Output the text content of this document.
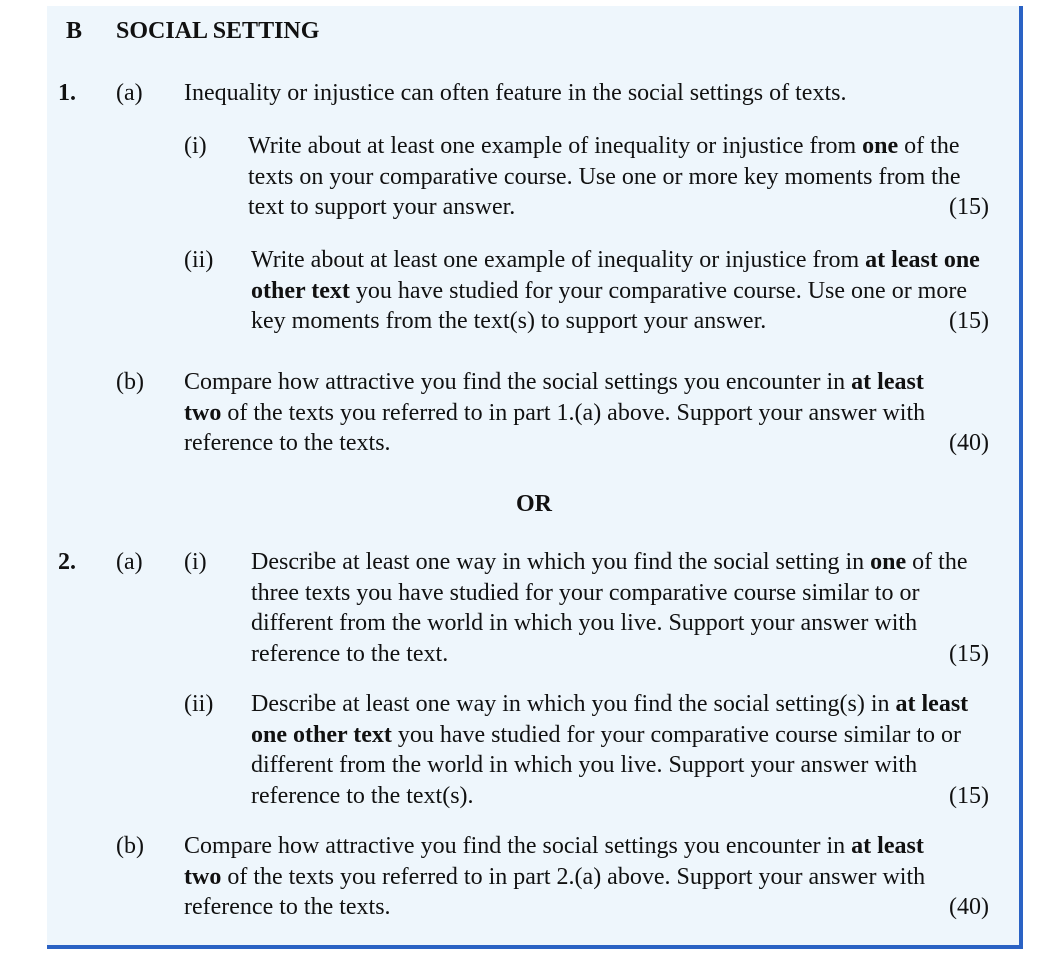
B SOCIAL SETTING
1. (a) Inequality or injustice can often feature in the social settings of texts.
(i) Write about at least one example of inequality or injustice from one of the texts on your comparative course. Use one or more key moments from the text to support your answer.	(15)
(ii) Write about at least one example of inequality or injustice from at least one other text you have studied for your comparative course. Use one or more key moments from the text(s) to support your answer.	(15)
(b) Compare how attractive you find the social settings you encounter in at least two of the texts you referred to in part 1.(a) above. Support your answer with reference to the texts.	(40)
OR
2. (a) (i) Describe at least one way in which you find the social setting in one of the three texts you have studied for your comparative course similar to or different from the world in which you live. Support your answer with reference to the text.	(15)
(ii) Describe at least one way in which you find the social setting(s) in at least one other text you have studied for your comparative course similar to or different from the world in which you live. Support your answer with reference to the text(s).	(15)
(b) Compare how attractive you find the social settings you encounter in at least two of the texts you referred to in part 2.(a) above. Support your answer with reference to the texts.	(40)
